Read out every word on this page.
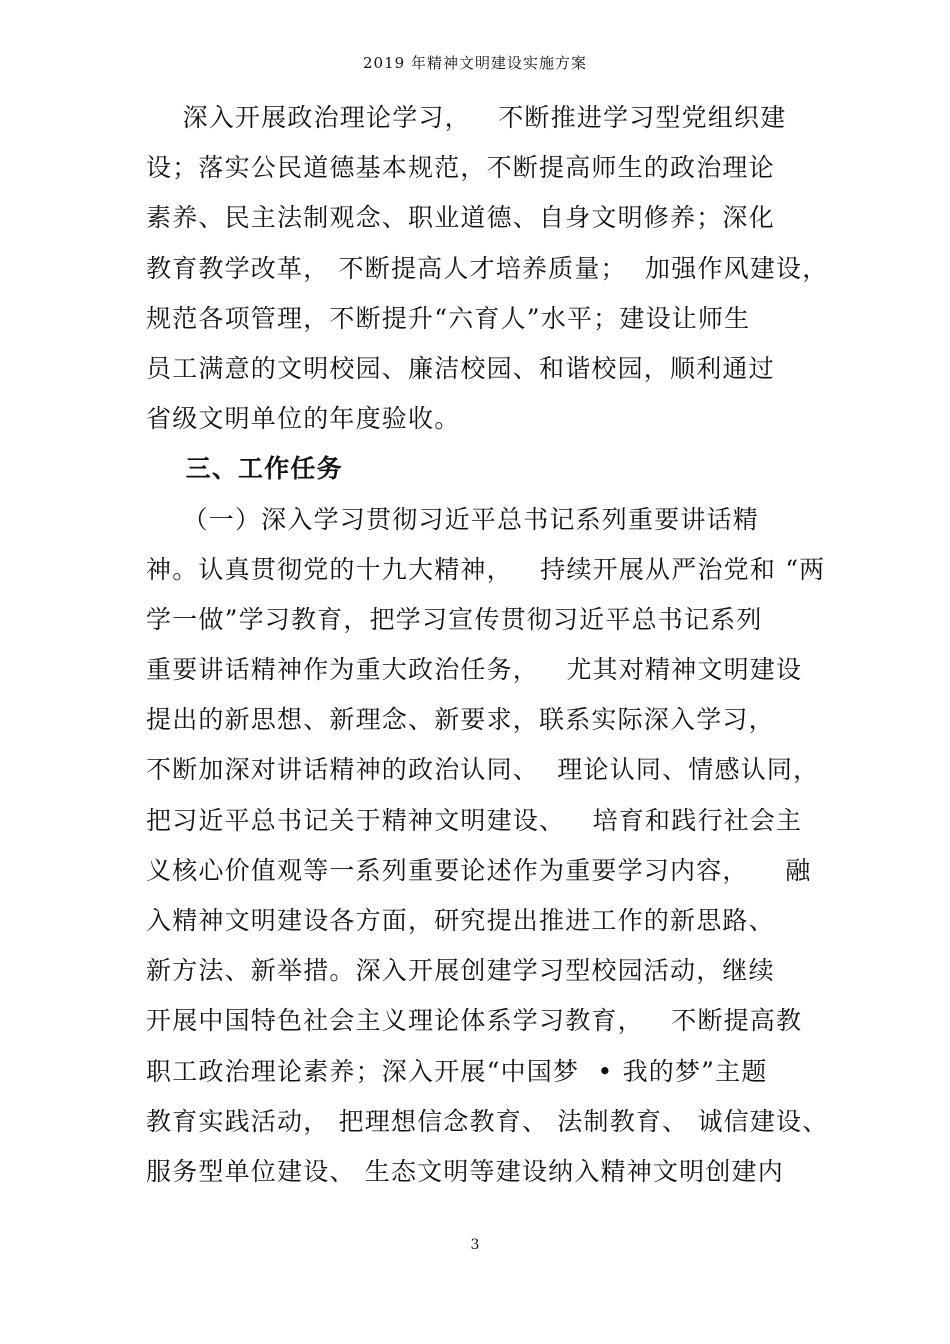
2019 年精神文明建设实施方案
深入开展政治理论学习，   不断推进学习型党组织建
设；落实公民道德基本规范，不断提高师生的政治理论
素养、民主法制观念、职业道德、自身文明修养；深化
教育教学改革， 不断提高人才培养质量；  加强作风建设，
规范各项管理，不断提升“六育人”水平；建设让师生
员工满意的文明校园、廉洁校园、和谐校园，顺利通过
省级文明单位的年度验收。
三、工作任务
（一）深入学习贯彻习近平总书记系列重要讲话精
神。认真贯彻党的十九大精神，   持续开展从严治党和 “两
学一做”学习教育，把学习宣传贯彻习近平总书记系列
重要讲话精神作为重大政治任务，   尤其对精神文明建设
提出的新思想、新理念、新要求，联系实际深入学习，
不断加深对讲话精神的政治认同、  理论认同、情感认同，
把习近平总书记关于精神文明建设、   培育和践行社会主
义核心价值观等一系列重要论述作为重要学习内容，    融
入精神文明建设各方面，研究提出推进工作的新思路、
新方法、新举措。深入开展创建学习型校园活动，继续
开展中国特色社会主义理论体系学习教育，   不断提高教
职工政治理论素养；深入开展“中国梦  • 我的梦”主题
教育实践活动， 把理想信念教育、 法制教育、 诚信建设、
服务型单位建设、 生态文明等建设纳入精神文明创建内
3
